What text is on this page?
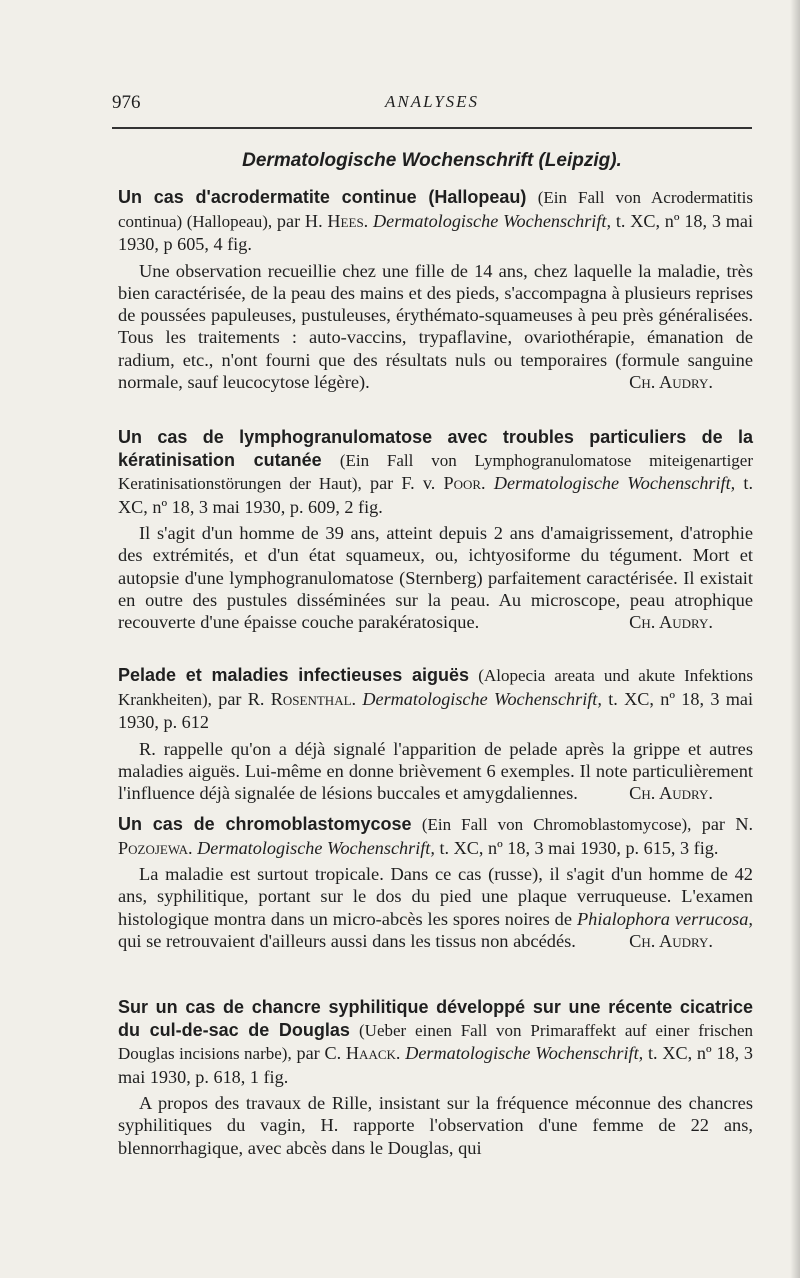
976	ANALYSES
Dermatologische Wochenschrift (Leipzig).
Un cas d'acrodermatite continue (Hallopeau) (Ein Fall von Acrodermatitis continua) (Hallopeau), par H. Hees. Dermatologische Wochenschrift, t. XC, nº 18, 3 mai 1930, p 605, 4 fig.
Une observation recueillie chez une fille de 14 ans, chez laquelle la maladie, très bien caractérisée, de la peau des mains et des pieds, s'accompagna à plusieurs reprises de poussées papuleuses, pustuleuses, érythémato-squameuses à peu près généralisées. Tous les traitements : auto-vaccins, trypaflavine, ovariothérapie, émanation de radium, etc., n'ont fourni que des résultats nuls ou temporaires (formule sanguine normale, sauf leucocytose légère).	Ch. Audry.
Un cas de lymphogranulomatose avec troubles particuliers de la kératinisation cutanée (Ein Fall von Lymphogranulomatose miteigenartiger Keratinisationstörungen der Haut), par F. v. Poor. Dermatologische Wochenschrift, t. XC, nº 18, 3 mai 1930, p. 609, 2 fig.
Il s'agit d'un homme de 39 ans, atteint depuis 2 ans d'amaigrissement, d'atrophie des extrémités, et d'un état squameux, ou, ichtyosiforme du tégument. Mort et autopsie d'une lymphogranulomatose (Sternberg) parfaitement caractérisée. Il existait en outre des pustules disséminées sur la peau. Au microscope, peau atrophique recouverte d'une épaisse couche parakératosique.	Ch. Audry.
Pelade et maladies infectieuses aiguës (Alopecia areata und akute Infektions Krankheiten), par R. Rosenthal. Dermatologische Wochenschrift, t. XC, nº 18, 3 mai 1930, p. 612
R. rappelle qu'on a déjà signalé l'apparition de pelade après la grippe et autres maladies aiguës. Lui-même en donne brièvement 6 exemples. Il note particulièrement l'influence déjà signalée de lésions buccales et amygdaliennes.	Ch. Audry.
Un cas de chromoblastomycose (Ein Fall von Chromoblastomycose), par N. Pozojewa. Dermatologische Wochenschrift, t. XC, nº 18, 3 mai 1930, p. 615, 3 fig.
La maladie est surtout tropicale. Dans ce cas (russe), il s'agit d'un homme de 42 ans, syphilitique, portant sur le dos du pied une plaque verruqueuse. L'examen histologique montra dans un micro-abcès les spores noires de Phialophora verrucosa, qui se retrouvaient d'ailleurs aussi dans les tissus non abcédés.	Ch. Audry.
Sur un cas de chancre syphilitique développé sur une récente cicatrice du cul-de-sac de Douglas (Ueber einen Fall von Primaraffekt auf einer frischen Douglas incisions narbe), par C. Haack. Dermatologische Wochenschrift, t. XC, nº 18, 3 mai 1930, p. 618, 1 fig.
A propos des travaux de Rille, insistant sur la fréquence méconnue des chancres syphilitiques du vagin, H. rapporte l'observation d'une femme de 22 ans, blennorrhagique, avec abcès dans le Douglas, qui
